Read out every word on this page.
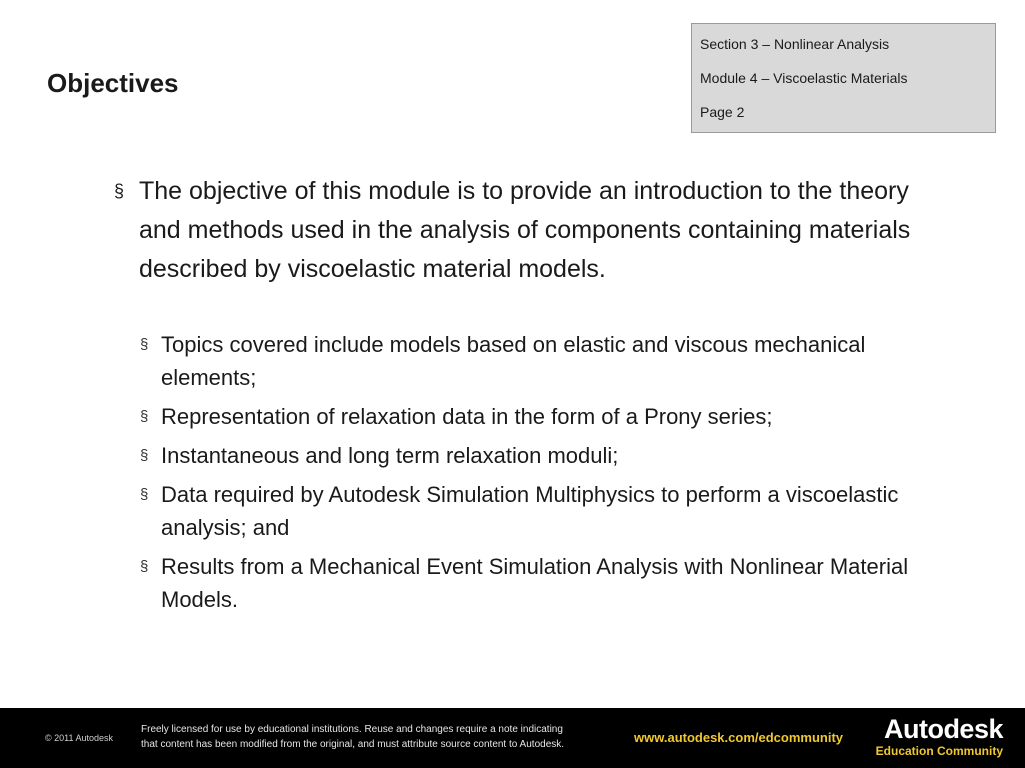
Objectives
Section 3 – Nonlinear Analysis
Module 4 – Viscoelastic Materials
Page 2
§ The objective of this module is to provide an introduction to the theory and methods used in the analysis of components containing materials described by viscoelastic material models.
§ Topics covered include models based on elastic and viscous mechanical elements;
§ Representation of relaxation data in the form of a Prony series;
§ Instantaneous and long term relaxation moduli;
§ Data required by Autodesk Simulation Multiphysics to perform a viscoelastic analysis; and
§ Results from a Mechanical Event Simulation Analysis with Nonlinear Material Models.
© 2011 Autodesk
Freely licensed for use by educational institutions. Reuse and changes require a note indicating
that content has been modified from the original, and must attribute source content to Autodesk.	www.autodesk.com/edcommunity	Autodesk
Education Community
